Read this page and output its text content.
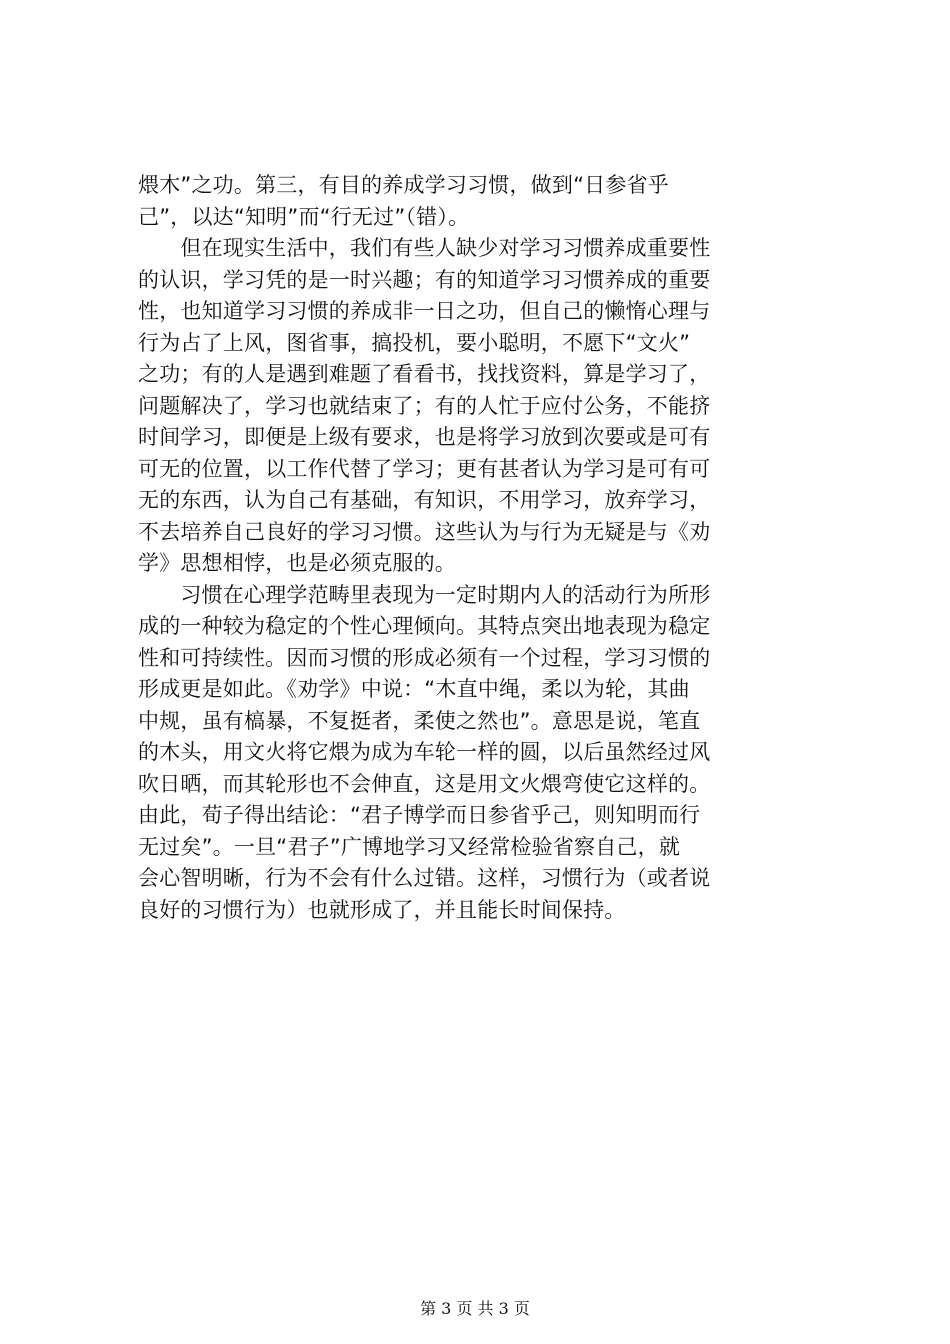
煨木”之功。第三，有目的养成学习习惯，做到“日参省乎
己”，以达“知明”而“行无过”（错）。
　　但在现实生活中，我们有些人缺少对学习习惯养成重要性
的认识，学习凭的是一时兴趣；有的知道学习习惯养成的重要
性，也知道学习习惯的养成非一日之功，但自己的懒惰心理与
行为占了上风，图省事，搞投机，要小聪明，不愿下“文火”
之功；有的人是遇到难题了看看书，找找资料，算是学习了，
问题解决了，学习也就结束了；有的人忙于应付公务，不能挤
时间学习，即便是上级有要求，也是将学习放到次要或是可有
可无的位置，以工作代替了学习；更有甚者认为学习是可有可
无的东西，认为自己有基础，有知识，不用学习，放弃学习，
不去培养自己良好的学习习惯。这些认为与行为无疑是与《劝
学》思想相悖，也是必须克服的。
　　习惯在心理学范畴里表现为一定时期内人的活动行为所形
成的一种较为稳定的个性心理倾向。其特点突出地表现为稳定
性和可持续性。因而习惯的形成必须有一个过程，学习习惯的
形成更是如此。《劝学》中说：“木直中绳，柔以为轮，其曲
中规，虽有槁暴，不复挺者，柔使之然也”。意思是说，笔直
的木头，用文火将它煨为成为车轮一样的圆，以后虽然经过风
吹日晒，而其轮形也不会伸直，这是用文火煨弯使它这样的。
由此，荀子得出结论：“君子博学而日参省乎己，则知明而行
无过矣”。一旦“君子”广博地学习又经常检验省察自己，就
会心智明晰，行为不会有什么过错。这样，习惯行为（或者说
良好的习惯行为）也就形成了，并且能长时间保持。
第 3 页 共 3 页
